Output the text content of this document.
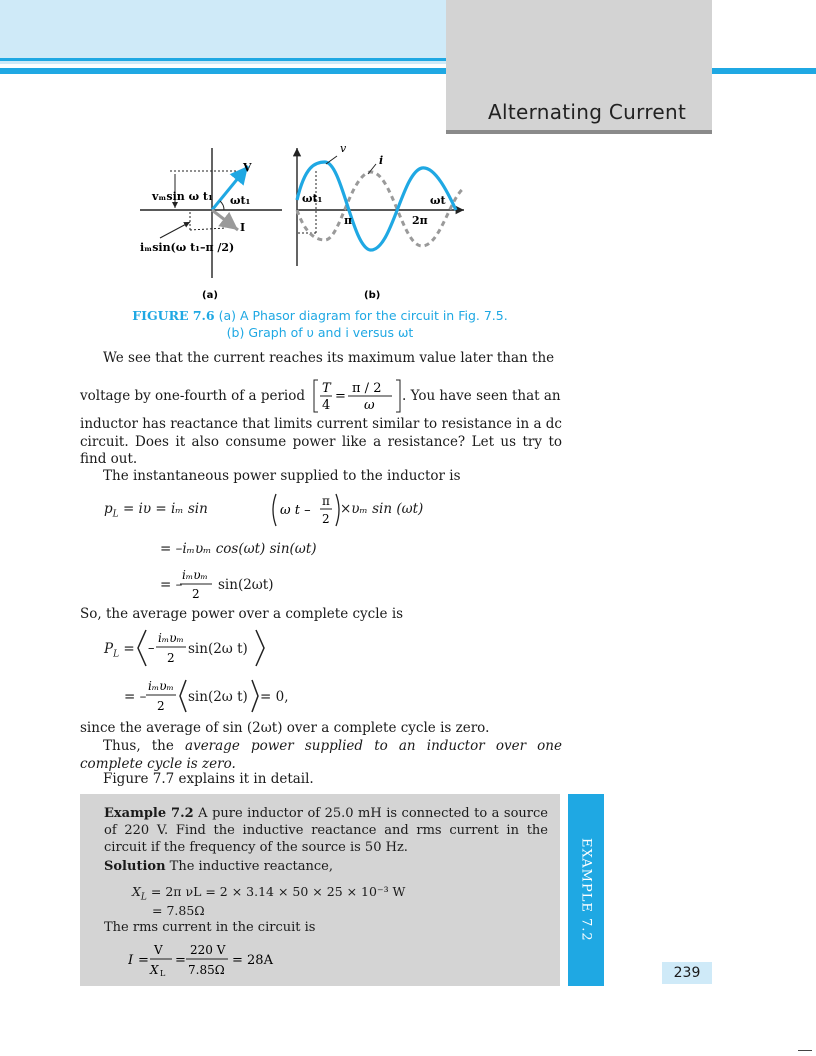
Alternating Current
vₘsin ω t₁
V
I
ωt₁
iₘsin(ω t₁–π /2)
(a)
v
i
ωt₁
π	2π
ωt
(b)
FIGURE 7.6 (a) A Phasor diagram for the circuit in Fig. 7.5.
(b) Graph of υ and i versus ωt
We see that the current reaches its maximum value later than the
voltage by one-fourth of a period T
4
=
π / 2
ω
. You have seen that an
inductor has reactance that limits current similar to resistance in a dc circuit. Does it also consume power like a resistance? Let us try to find out.
The instantaneous power supplied to the inductor is
$p_L = i\upsilon = i_m$ sin	ω t –
π
2
×υₘ sin (ωt)
= –iₘυₘ cos(ωt) sin(ωt)
= –
iₘυₘ
2
sin(2ωt)
So, the average power over a complete cycle is
$P_L$ = –
iₘυₘ
2
sin(2ω t)
= –
iₘυₘ
2
sin(2ω t) = 0,
since the average of sin (2ωt) over a complete cycle is zero.
Thus, the average power supplied to an inductor over one complete cycle is zero.
Figure 7.7 explains it in detail.
EXAMPLE 7.2
Example 7.2 A pure inductor of 25.0 mH is connected to a source of 220 V. Find the inductive reactance and rms current in the circuit if the frequency of the source is 50 Hz.
Solution The inductive reactance,
$X_L = 2\pi$ νL = 2 × 3.14 × 50 × 25 × 10⁻³ W
= 7.85Ω
The rms current in the circuit is
I =
V
X L
=
220 V
7.85Ω
= 28A
239
